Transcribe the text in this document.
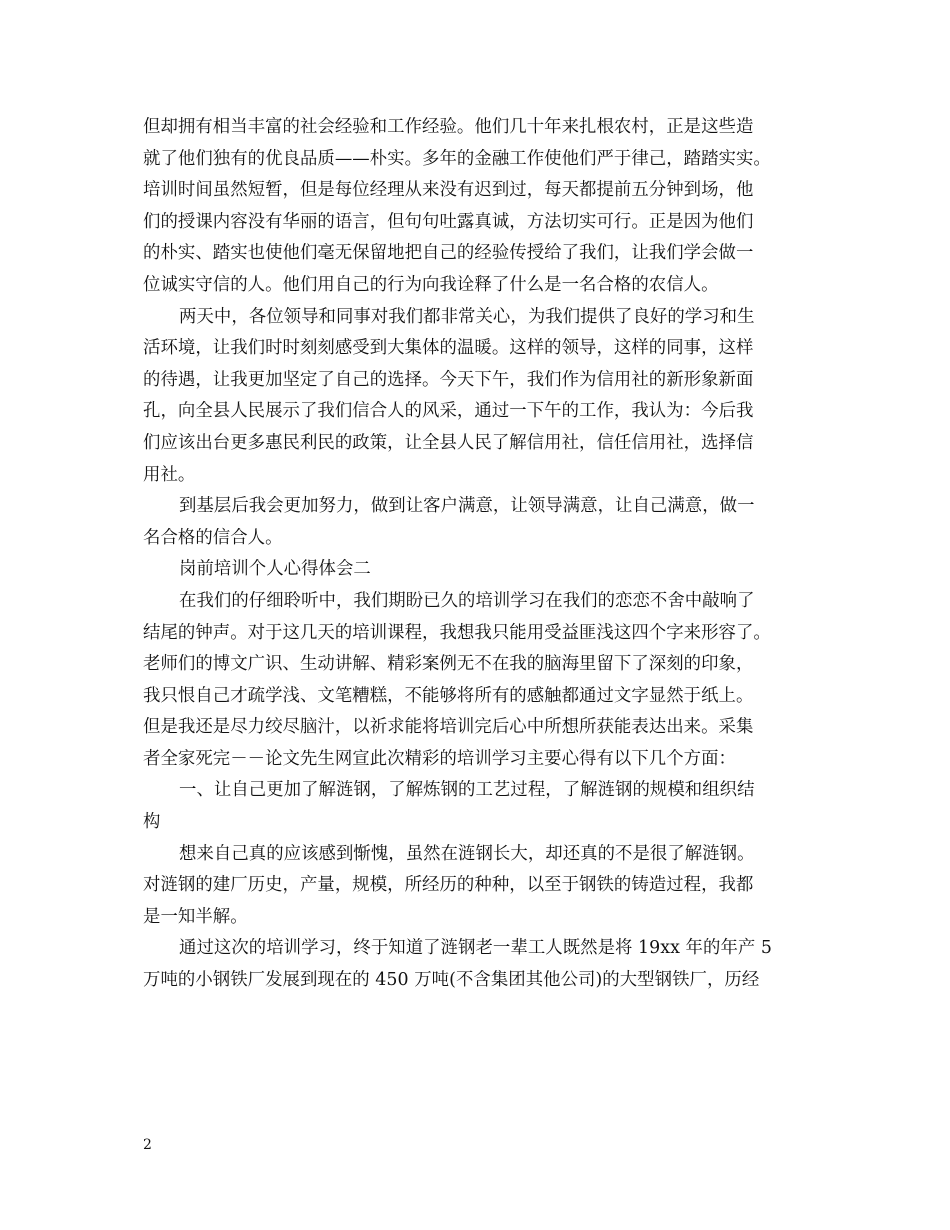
但却拥有相当丰富的社会经验和工作经验。他们几十年来扎根农村，正是这些造
就了他们独有的优良品质——朴实。多年的金融工作使他们严于律己，踏踏实实。
培训时间虽然短暂，但是每位经理从来没有迟到过，每天都提前五分钟到场，他
们的授课内容没有华丽的语言，但句句吐露真诚，方法切实可行。正是因为他们
的朴实、踏实也使他们毫无保留地把自己的经验传授给了我们，让我们学会做一
位诚实守信的人。他们用自己的行为向我诠释了什么是一名合格的农信人。
两天中，各位领导和同事对我们都非常关心，为我们提供了良好的学习和生
活环境，让我们时时刻刻感受到大集体的温暖。这样的领导，这样的同事，这样
的待遇，让我更加坚定了自己的选择。今天下午，我们作为信用社的新形象新面
孔，向全县人民展示了我们信合人的风采，通过一下午的工作，我认为：今后我
们应该出台更多惠民利民的政策，让全县人民了解信用社，信任信用社，选择信
用社。
到基层后我会更加努力，做到让客户满意，让领导满意，让自己满意，做一
名合格的信合人。
岗前培训个人心得体会二
在我们的仔细聆听中，我们期盼已久的培训学习在我们的恋恋不舍中敲响了
结尾的钟声。对于这几天的培训课程，我想我只能用受益匪浅这四个字来形容了。
老师们的博文广识、生动讲解、精彩案例无不在我的脑海里留下了深刻的印象，
我只恨自己才疏学浅、文笔糟糕，不能够将所有的感触都通过文字显然于纸上。
但是我还是尽力绞尽脑汁，以祈求能将培训完后心中所想所获能表达出来。采集
者全家死完－－论文先生网宣此次精彩的培训学习主要心得有以下几个方面：
一、让自己更加了解涟钢，了解炼钢的工艺过程，了解涟钢的规模和组织结
构
想来自己真的应该感到惭愧，虽然在涟钢长大，却还真的不是很了解涟钢。
对涟钢的建厂历史，产量，规模，所经历的种种，以至于钢铁的铸造过程，我都
是一知半解。
通过这次的培训学习，终于知道了涟钢老一辈工人既然是将 19xx 年的年产 5
万吨的小钢铁厂发展到现在的 450 万吨(不含集团其他公司)的大型钢铁厂，历经
2
